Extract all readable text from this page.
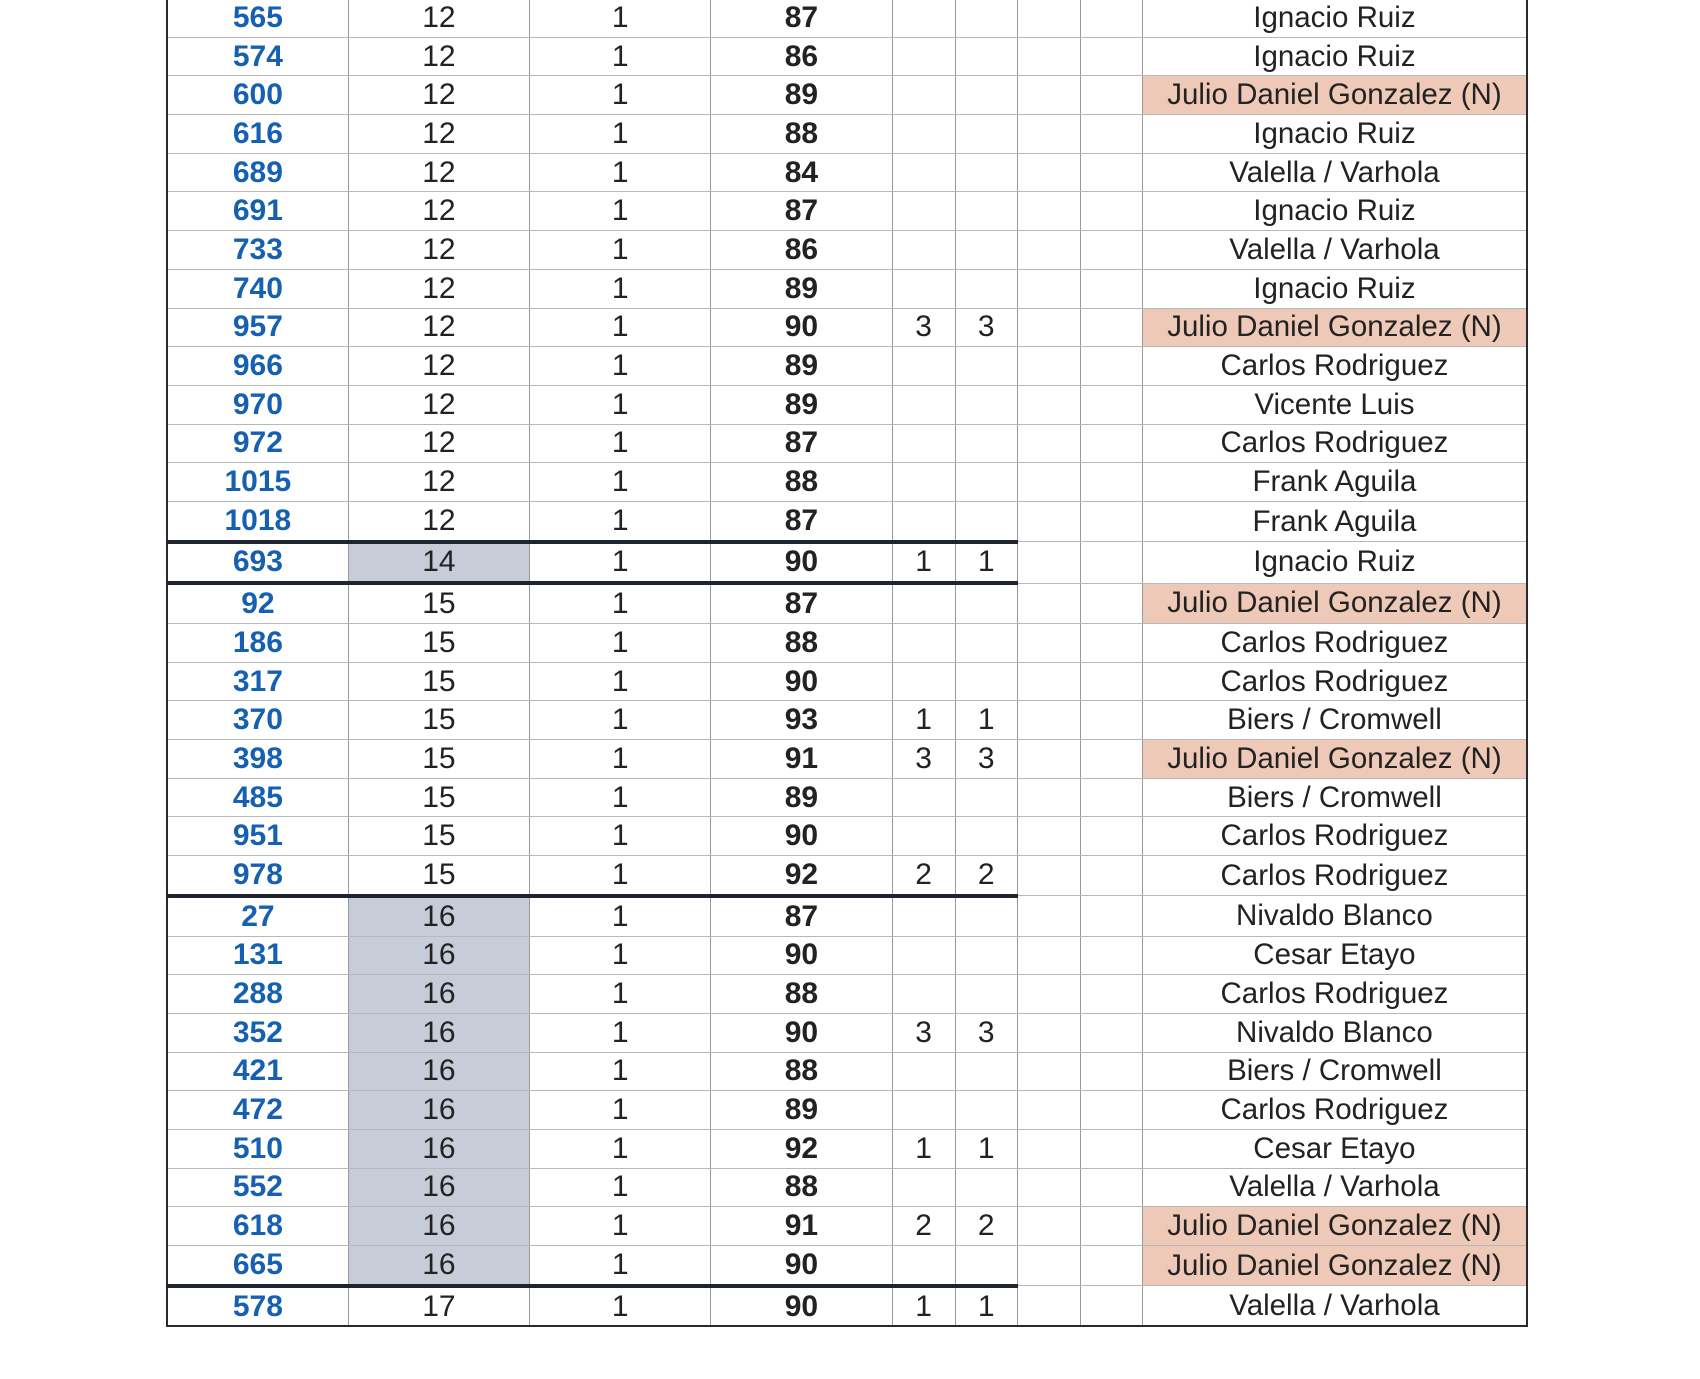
565	12	1	87					Ignacio Ruiz
574	12	1	86					Ignacio Ruiz
600	12	1	89					Julio Daniel Gonzalez (N)
616	12	1	88					Ignacio Ruiz
689	12	1	84					Valella / Varhola
691	12	1	87					Ignacio Ruiz
733	12	1	86					Valella / Varhola
740	12	1	89					Ignacio Ruiz
957	12	1	90	3	3			Julio Daniel Gonzalez (N)
966	12	1	89					Carlos Rodriguez
970	12	1	89					Vicente Luis
972	12	1	87					Carlos Rodriguez
1015	12	1	88					Frank Aguila
1018	12	1	87					Frank Aguila
693	14	1	90	1	1			Ignacio Ruiz
92	15	1	87					Julio Daniel Gonzalez (N)
186	15	1	88					Carlos Rodriguez
317	15	1	90					Carlos Rodriguez
370	15	1	93	1	1			Biers / Cromwell
398	15	1	91	3	3			Julio Daniel Gonzalez (N)
485	15	1	89					Biers / Cromwell
951	15	1	90					Carlos Rodriguez
978	15	1	92	2	2			Carlos Rodriguez
27	16	1	87					Nivaldo Blanco
131	16	1	90					Cesar Etayo
288	16	1	88					Carlos Rodriguez
352	16	1	90	3	3			Nivaldo Blanco
421	16	1	88					Biers / Cromwell
472	16	1	89					Carlos Rodriguez
510	16	1	92	1	1			Cesar Etayo
552	16	1	88					Valella / Varhola
618	16	1	91	2	2			Julio Daniel Gonzalez (N)
665	16	1	90					Julio Daniel Gonzalez (N)
578	17	1	90	1	1			Valella / Varhola
